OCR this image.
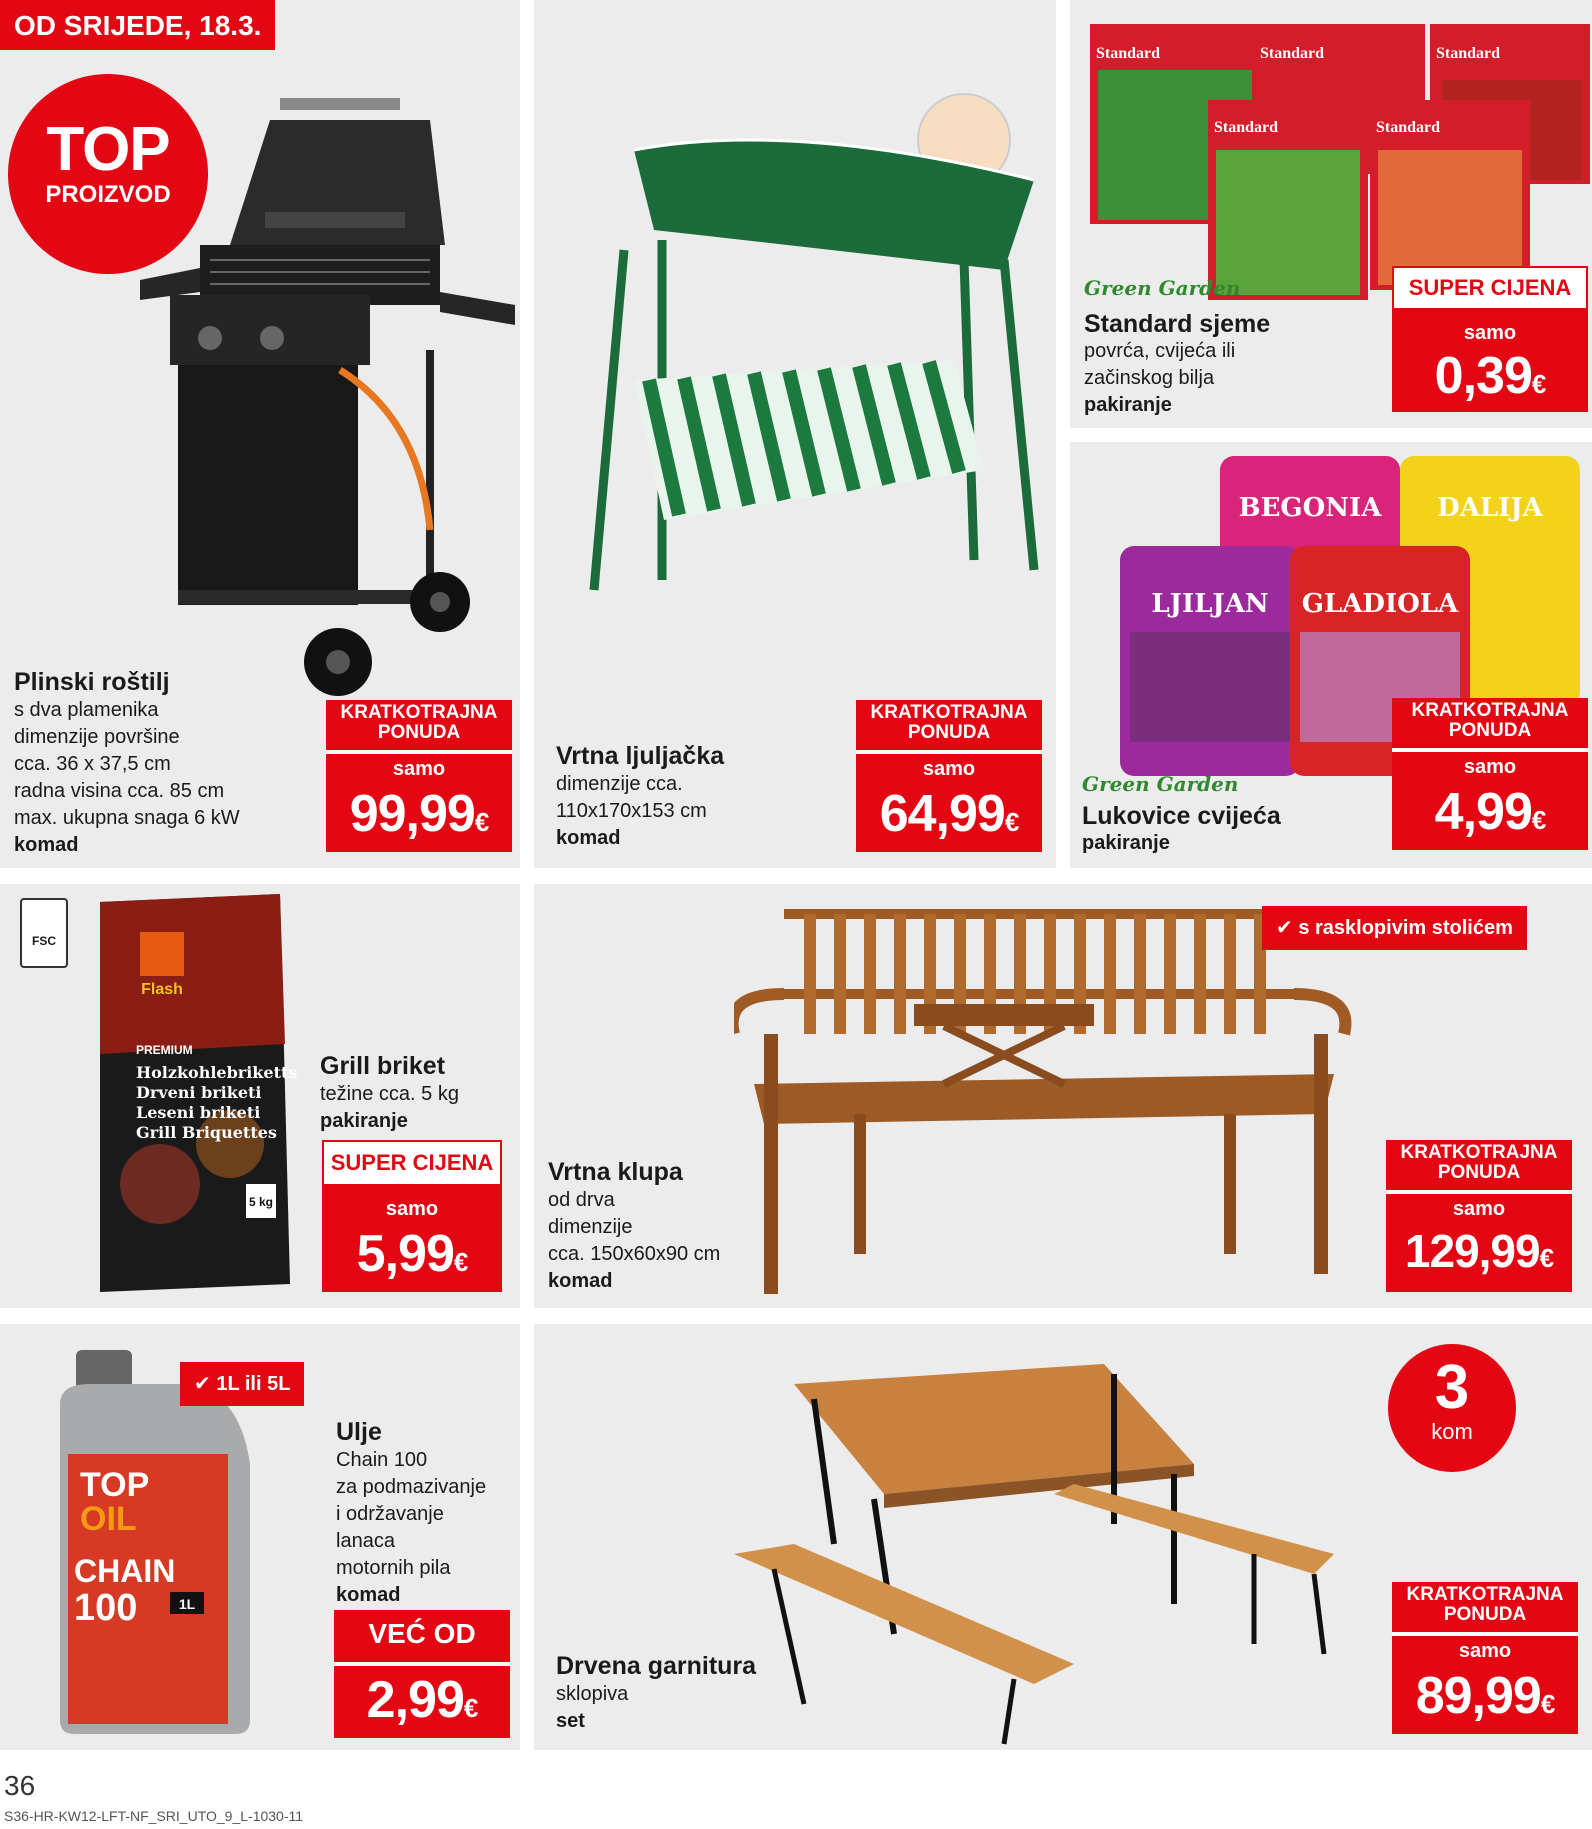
OD SRIJEDE, 18.3.
TOP
PROIZVOD
Plinski roštilj
s dva plamenika
dimenzije površine
cca. 36 x 37,5 cm
radna visina cca. 85 cm
max. ukupna snaga 6 kW
komad
KRATKOTRAJNA PONUDA
samo
99,99€
Vrtna ljuljačka
dimenzije cca.
110x170x153 cm
komad
KRATKOTRAJNA PONUDA
samo
64,99€
Standard	Standard	Standard
Standard	Standard
Green Garden
Standard sjeme
povrća, cvijeća ili
začinskog bilja
pakiranje
SUPER CIJENA
samo
0,39€
BEGONIA DALIJA
LJILJAN GLADIOLA
Green Garden
Lukovice cvijeća
pakiranje
KRATKOTRAJNA PONUDA
samo
4,99€
FSC
Flash
PREMIUM
Holzkohlebriketts
Drveni briketi
Leseni briketi
Grill Briquettes
5 kg
Grill briket
težine cca. 5 kg
pakiranje
SUPER CIJENA
samo
5,99€
✔ s rasklopivim stolićem
Vrtna klupa
od drva
dimenzije
cca. 150x60x90 cm
komad
KRATKOTRAJNA PONUDA
samo
129,99€
TOP
OIL
CHAIN
100	1L
✔ 1L ili 5L
Ulje
Chain 100
za podmazivanje
i održavanje
lanaca
motornih pila
komad
VEĆ OD
2,99€
3
kom
Drvena garnitura
sklopiva
set
KRATKOTRAJNA PONUDA
samo
89,99€
36
S36-HR-KW12-LFT-NF_SRI_UTO_9_L-1030-11
